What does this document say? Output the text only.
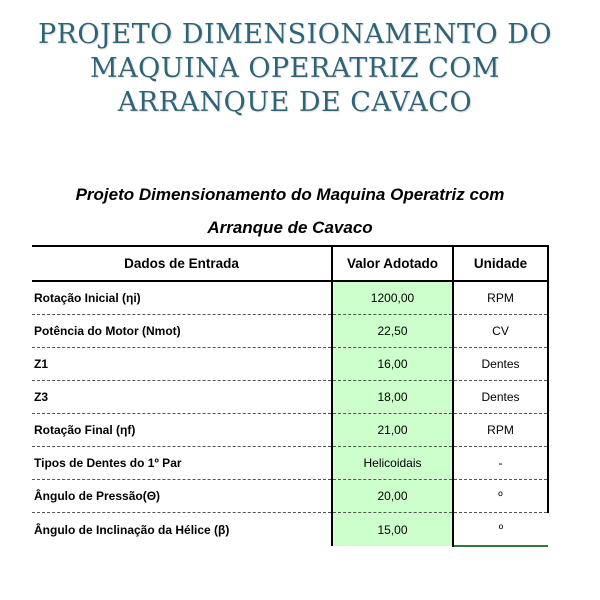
PROJETO DIMENSIONAMENTO DO
MAQUINA OPERATRIZ COM
ARRANQUE DE CAVACO
Projeto Dimensionamento do Maquina Operatriz com
Arranque de Cavaco
Dados de Entrada	Valor Adotado	Unidade
Rotação Inicial (ηi)	1200,00	RPM
Potência do Motor (Nmot)	22,50	CV
Z1	16,00	Dentes
Z3	18,00	Dentes
Rotação Final (ηf)	21,00	RPM
Tipos de Dentes do 1º Par	Helicoidais	-
Ângulo de Pressão(Θ)	20,00	º
Ângulo de Inclinação da Hélice (β)	15,00	º
